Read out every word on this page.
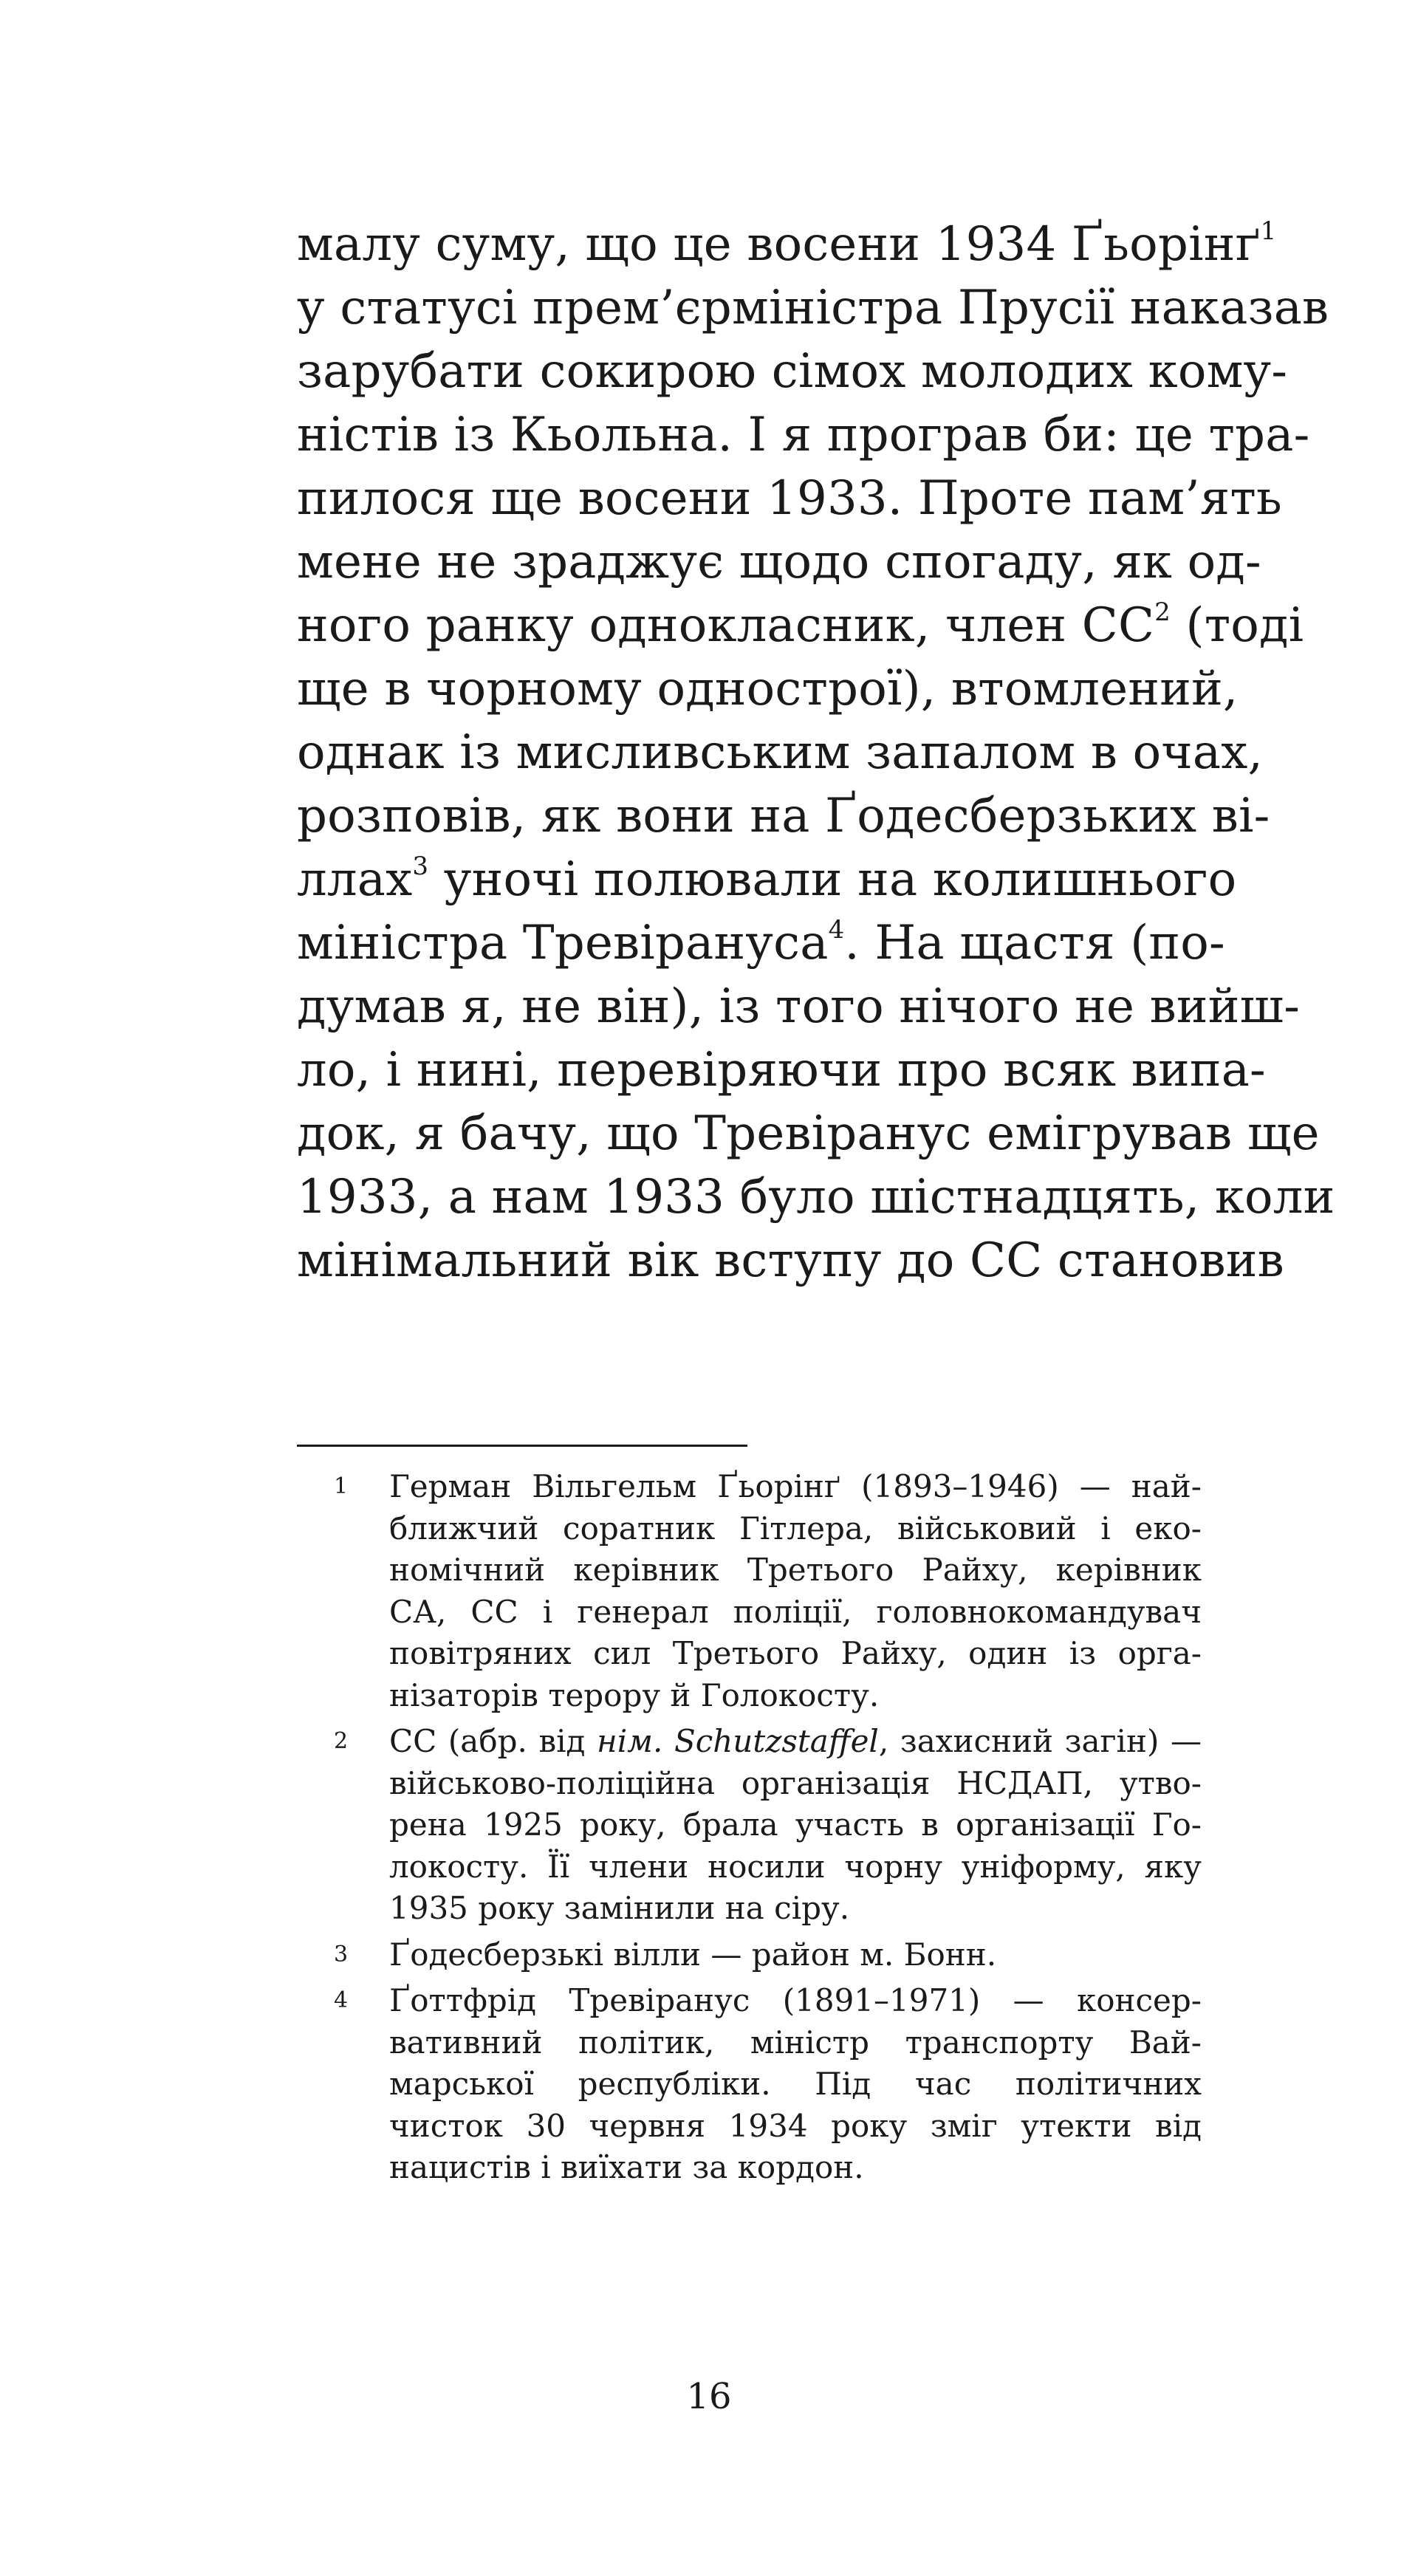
малу суму, що це восени 1934 Ґьорінґ$^1$
у статусі прем’єрміністра Прусії наказав
зарубати сокирою сімох молодих кому-
ністів із Кьольна. І я програв би: це тра-
пилося ще восени 1933. Проте пам’ять
мене не зраджує щодо спогаду, як од-
ного ранку однокласник, член $СС^2$ (тоді
ще в чорному однострої), втомлений,
однак із мисливським запалом в очах,
розповів, як вони на Ґодесберзьких ві-
ллах$^3$ уночі полювали на колишнього
міністра Тревірануса$^4$. На щастя (по-
думав я, не він), із того нічого не вийш-
ло, і нині, перевіряючи про всяк випа-
док, я бачу, що Тревіранус емігрував ще
1933, а нам 1933 було шістнадцять, коли
мінімальний вік вступу до СС становив
1 Герман Вільгельм Ґьорінґ (1893–1946) — най-
ближчий соратник Гітлера, військовий і еко-
номічний керівник Третього Райху, керівник
СА, СС і генерал поліції, головнокомандувач
повітряних сил Третього Райху, один із орга-
нізаторів терору й Голокосту.
2 СС (абр. від нім. Schutzstaffel, захисний загін) —
військово-поліційна організація НСДАП, утво-
рена 1925 року, брала участь в організації Го-
локосту. Її члени носили чорну уніформу, яку
1935 року замінили на сіру.
3 Ґодесберзькі вілли — район м. Бонн.
4 Ґоттфрід Тревіранус (1891–1971) — консер-
вативний політик, міністр транспорту Вай-
марської республіки. Під час політичних
чисток 30 червня 1934 року зміг утекти від
нацистів і виїхати за кордон.
16
